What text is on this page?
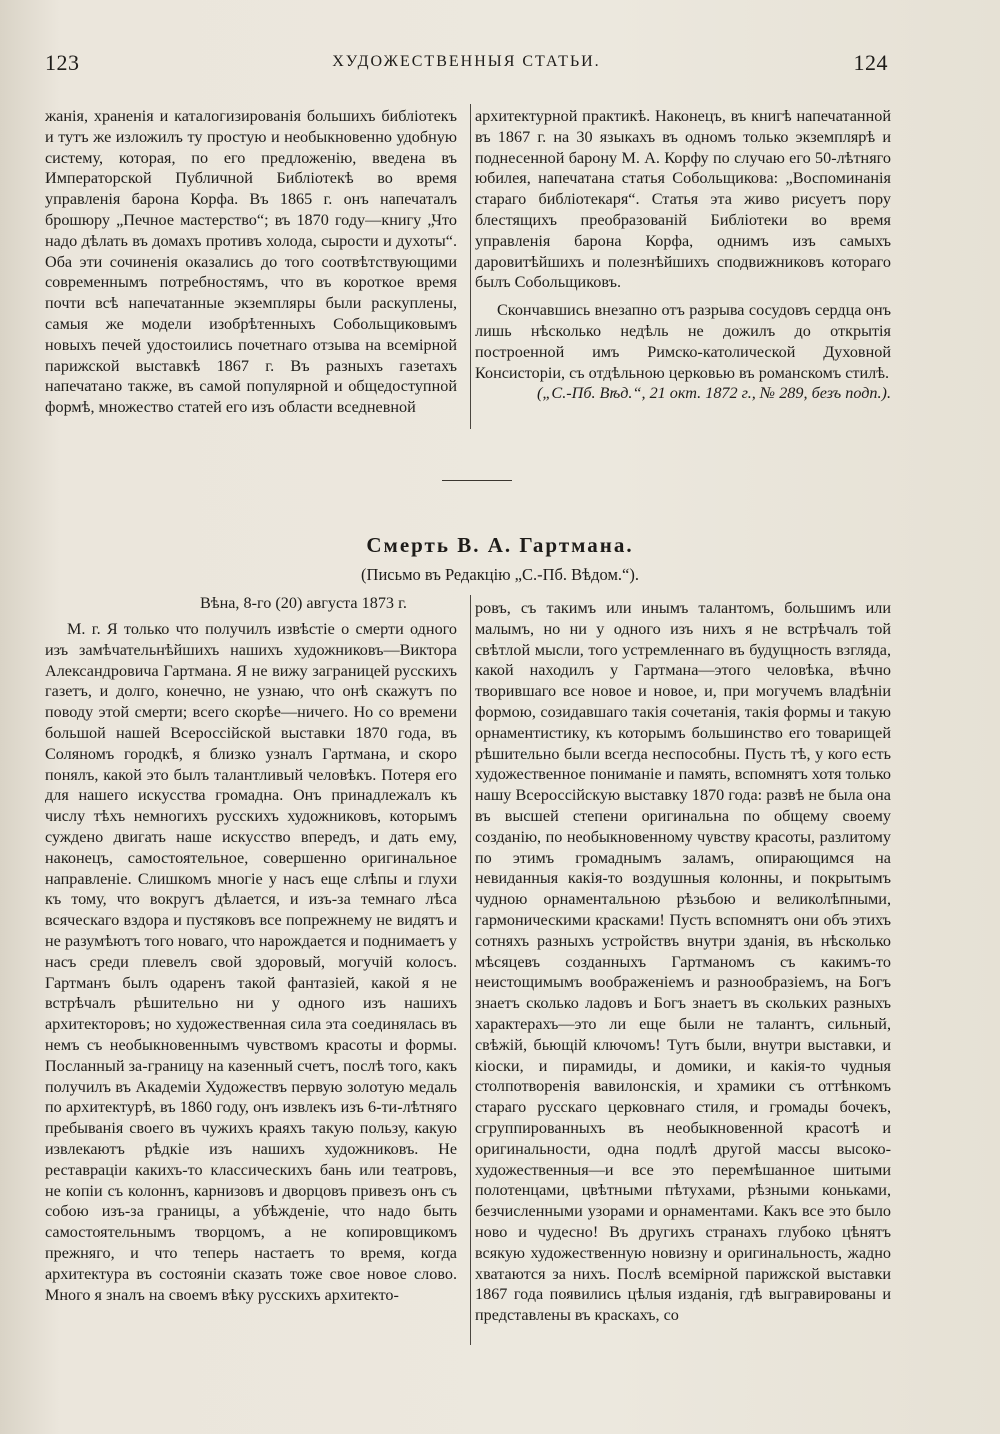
123	ХУДОЖЕСТВЕННЫЯ СТАТЬИ.	124

жанія, храненія и каталогизированія большихъ библіотекъ и тутъ же изложилъ ту простую и необыкновенно удобную систему, которая, по его предложенію, введена въ Императорской Публичной Библіотекѣ во время управленія барона Корфа. Въ 1865 г. онъ напечаталъ брошюру „Печное мастерство“; въ 1870 году—книгу „Что надо дѣлать въ домахъ противъ холода, сырости и духоты“. Оба эти сочиненія оказались до того соотвѣтствующими современнымъ потребностямъ, что въ короткое время почти всѣ напечатанные экземпляры были раскуплены, самыя же модели изобрѣтенныхъ Собольщиковымъ новыхъ печей удостоились почетнаго отзыва на всемірной парижской выставкѣ 1867 г. Въ разныхъ газетахъ напечатано также, въ самой популярной и общедоступной формѣ, множество статей его изъ области вседневной

архитектурной практикѣ. Наконецъ, въ книгѣ напечатанной въ 1867 г. на 30 языкахъ въ одномъ только экземплярѣ и поднесенной барону М. А. Корфу по случаю его 50-лѣтняго юбилея, напечатана статья Собольщикова: „Воспоминанія стараго библіотекаря“. Статья эта живо рисуетъ пору блестящихъ преобразованій Библіотеки во время управленія барона Корфа, однимъ изъ самыхъ даровитѣйшихъ и полезнѣйшихъ сподвижниковъ котораго былъ Собольщиковъ.

Скончавшись внезапно отъ разрыва сосудовъ сердца онъ лишь нѣсколько недѣль не дожилъ до открытія построенной имъ Римско-католической Духовной Консисторіи, съ отдѣльною церковью въ романскомъ стилѣ.

(„С.-Пб. Вѣд.“, 21 окт. 1872 г., № 289, безъ подп.).

Смерть В. А. Гартмана.
(Письмо въ Редакцію „С.-Пб. Вѣдом.“).
Вѣна, 8-го (20) августа 1873 г.

М. г. Я только что получилъ извѣстіе о смерти одного изъ замѣчательнѣйшихъ нашихъ художниковъ—Виктора Александровича Гартмана. Я не вижу заграницей русскихъ газетъ, и долго, конечно, не узнаю, что онѣ скажутъ по поводу этой смерти; всего скорѣе—ничего. Но со времени большой нашей Всероссійской выставки 1870 года, въ Соляномъ городкѣ, я близко узналъ Гартмана, и скоро понялъ, какой это былъ талантливый человѣкъ. Потеря его для нашего искусства громадна. Онъ принадлежалъ къ числу тѣхъ немногихъ русскихъ художниковъ, которымъ суждено двигать наше искусство впередъ, и дать ему, наконецъ, самостоятельное, совершенно оригинальное направленіе. Слишкомъ многіе у насъ еще слѣпы и глухи къ тому, что вокругъ дѣлается, и изъ-за темнаго лѣса всяческаго вздора и пустяковъ все попрежнему не видятъ и не разумѣютъ того новаго, что нарождается и поднимаетъ у насъ среди плевелъ свой здоровый, могучій колосъ. Гартманъ былъ одаренъ такой фантазіей, какой я не встрѣчалъ рѣшительно ни у одного изъ нашихъ архитекторовъ; но художественная сила эта соединялась въ немъ съ необыкновеннымъ чувствомъ красоты и формы. Посланный за-границу на казенный счетъ, послѣ того, какъ получилъ въ Академіи Художествъ первую золотую медаль по архитектурѣ, въ 1860 году, онъ извлекъ изъ 6-ти-лѣтняго пребыванія своего въ чужихъ краяхъ такую пользу, какую извлекаютъ рѣдкіе изъ нашихъ художниковъ. Не реставраціи какихъ-то классическихъ бань или театровъ, не копіи съ колоннъ, карнизовъ и дворцовъ привезъ онъ съ собою изъ-за границы, а убѣжденіе, что надо быть самостоятельнымъ творцомъ, а не копировщикомъ прежняго, и что теперь настаетъ то время, когда архитектура въ состояніи сказать тоже свое новое слово. Много я зналъ на своемъ вѣку русскихъ архитекто-

ровъ, съ такимъ или инымъ талантомъ, большимъ или малымъ, но ни у одного изъ нихъ я не встрѣчалъ той свѣтлой мысли, того устремленнаго въ будущность взгляда, какой находилъ у Гартмана—этого человѣка, вѣчно творившаго все новое и новое, и, при могучемъ владѣніи формою, созидавшаго такія сочетанія, такія формы и такую орнаментистику, къ которымъ большинство его товарищей рѣшительно были всегда неспособны. Пусть тѣ, у кого есть художественное пониманіе и память, вспомнятъ хотя только нашу Всероссійскую выставку 1870 года: развѣ не была она въ высшей степени оригинальна по общему своему созданію, по необыкновенному чувству красоты, разлитому по этимъ громаднымъ заламъ, опирающимся на невиданныя какія-то воздушныя колонны, и покрытымъ чудною орнаментальною рѣзьбою и великолѣпными, гармоническими красками! Пусть вспомнятъ они объ этихъ сотняхъ разныхъ устройствъ внутри зданія, въ нѣсколько мѣсяцевъ созданныхъ Гартманомъ съ какимъ-то неистощимымъ воображеніемъ и разнообразіемъ, на Богъ знаетъ сколько ладовъ и Богъ знаетъ въ скольких разныхъ характерахъ—это ли еще были не талантъ, сильный, свѣжій, бьющій ключомъ! Тутъ были, внутри выставки, и кіоски, и пирамиды, и домики, и какія-то чудныя столпотворенія вавилонскія, и храмики съ оттѣнкомъ стараго русскаго церковнаго стиля, и громады бочекъ, сгруппированныхъ въ необыкновенной красотѣ и оригинальности, одна подлѣ другой массы высоко-художественныя—и все это перемѣшанное шитыми полотенцами, цвѣтными пѣтухами, рѣзными коньками, безчисленными узорами и орнаментами. Какъ все это было ново и чудесно! Въ другихъ странахъ глубоко цѣнятъ всякую художественную новизну и оригинальность, жадно хватаются за нихъ. Послѣ всемірной парижской выставки 1867 года появились цѣлыя изданія, гдѣ выгравированы и представлены въ краскахъ, со
